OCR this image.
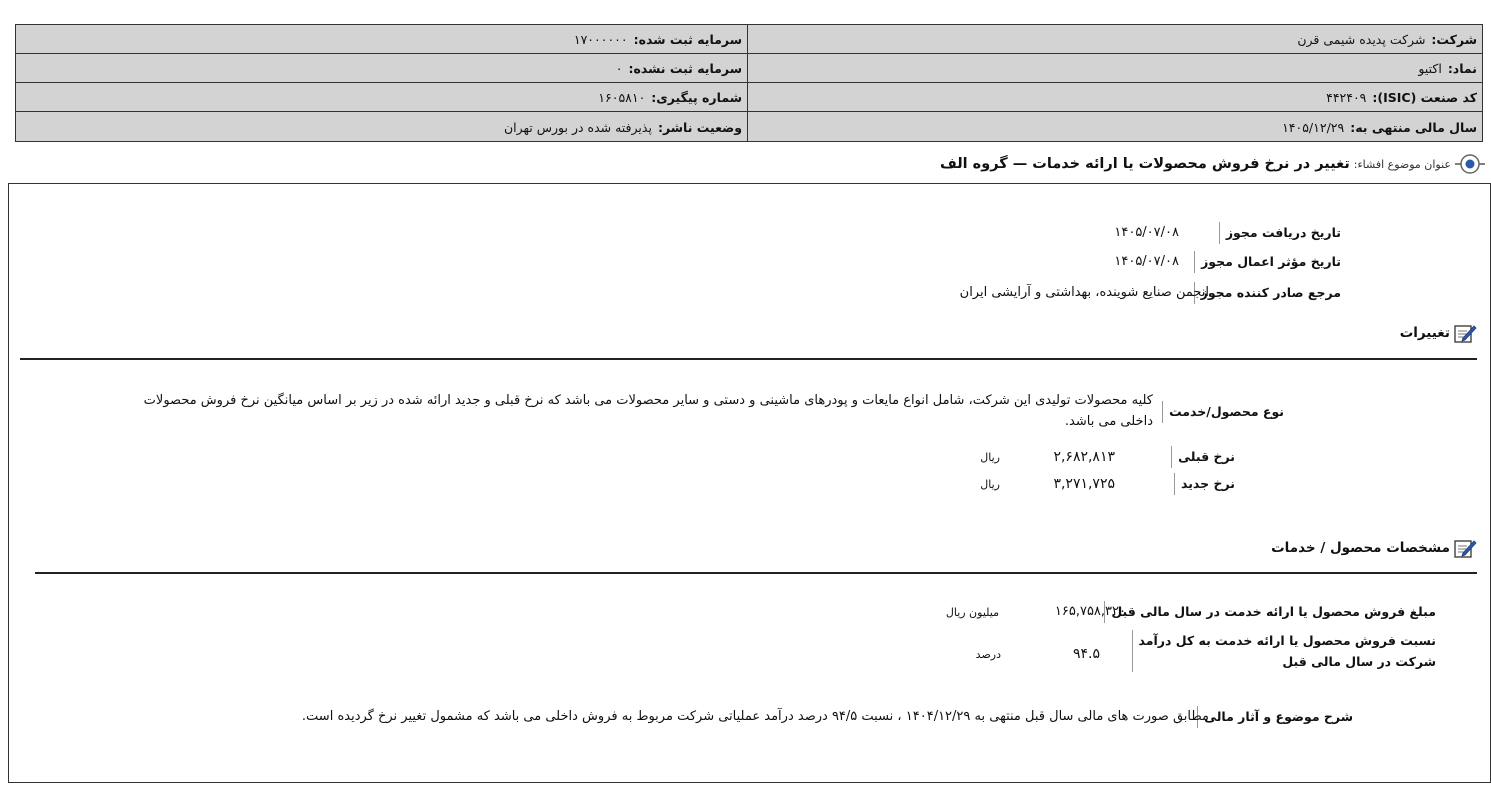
شرکت:
شرکت پدیده شیمی قرن
سرمایه ثبت شده:
۱۷۰۰۰۰۰۰
نماد:
اکتیو
سرمایه ثبت نشده:
۰
کد صنعت (ISIC):
۴۴۲۴۰۹
شماره پیگیری:
۱۶۰۵۸۱۰
سال مالی منتهی به:
۱۴۰۵/۱۲/۲۹
وضعیت ناشر:
پذیرفته شده در بورس تهران
عنوان موضوع افشاء:
تغییر در نرخ فروش محصولات یا ارائه خدمات — گروه الف
تاریخ دریافت مجوز
۱۴۰۵/۰۷/۰۸
تاریخ مؤثر اعمال مجوز
۱۴۰۵/۰۷/۰۸
مرجع صادر کننده مجوز
انجمن صنایع شوینده، بهداشتی و آرایشی ایران
تغییرات
نوع محصول/خدمت
کلیه محصولات تولیدی این شرکت، شامل انواع مایعات و پودرهای ماشینی و دستی و سایر محصولات می باشد که نرخ قبلی و جدید ارائه شده در زیر بر اساس میانگین نرخ فروش محصولات
داخلی می باشد.
نرخ قبلی
۲,۶۸۲,۸۱۳
ریال
نرخ جدید
۳,۲۷۱,۷۲۵
ریال
مشخصات محصول / خدمات
مبلغ فروش محصول یا ارائه خدمت در سال مالی قبل
۱۶۵,۷۵۸,۳۲۰
میلیون ریال
نسبت فروش محصول یا ارائه خدمت به کل درآمد
شرکت در سال مالی قبل
۹۴.۵
درصد
شرح موضوع و آثار مالی
مطابق صورت های مالی سال قبل منتهی به ۱۴۰۴/۱۲/۲۹ ، نسبت ۹۴/۵ درصد درآمد عملیاتی شرکت مربوط به فروش داخلی می باشد که مشمول تغییر نرخ گردیده است.
